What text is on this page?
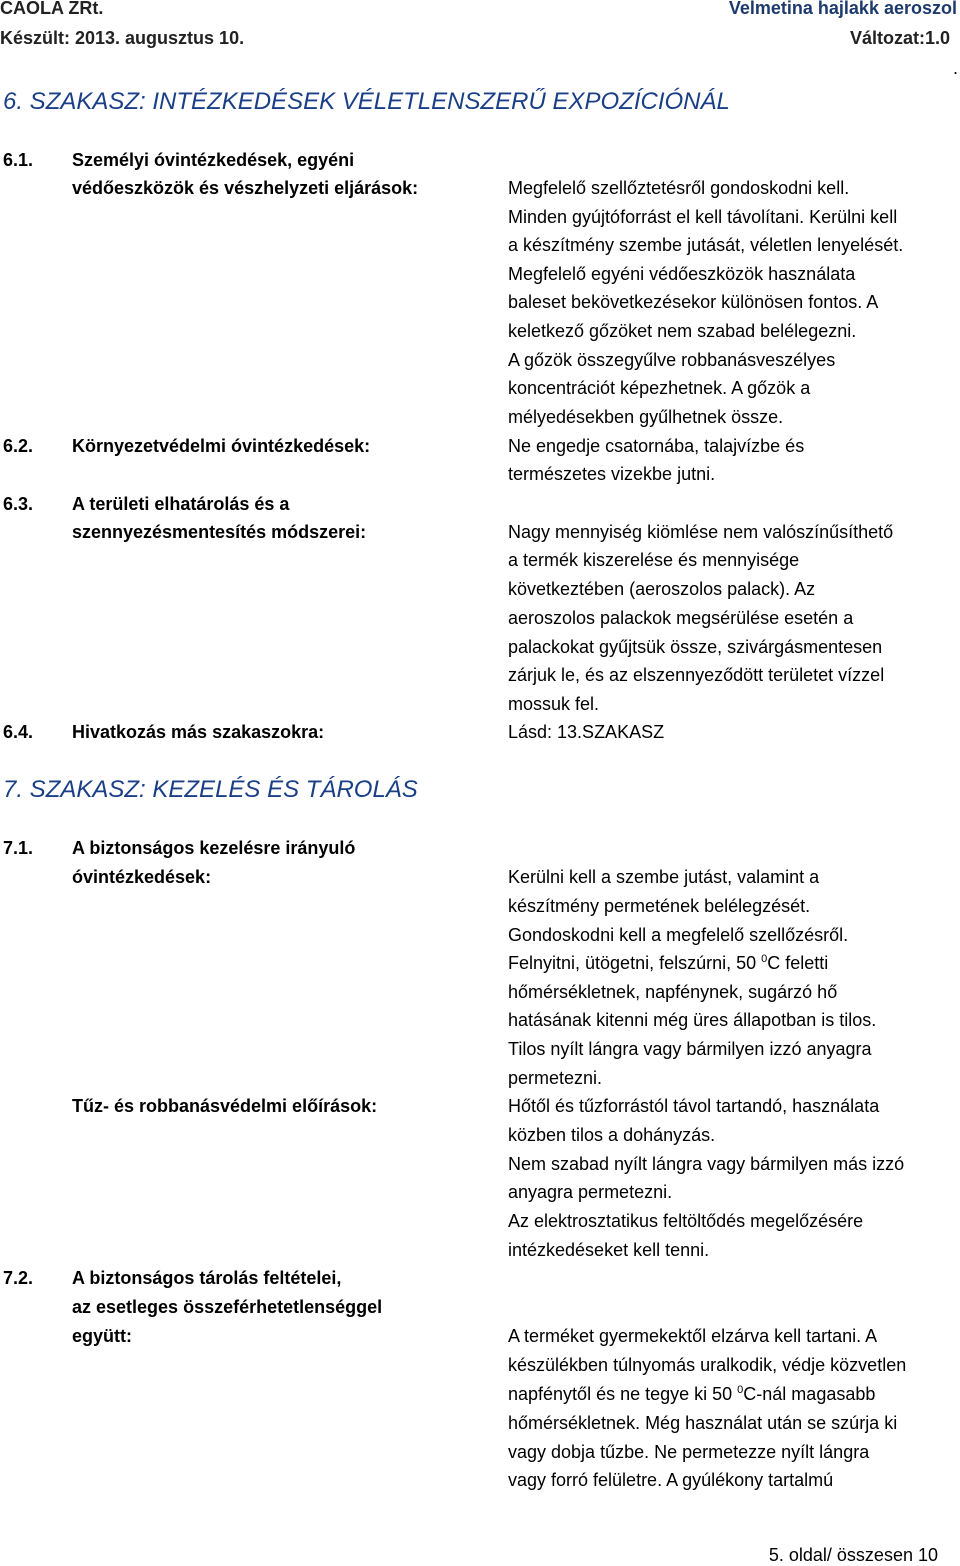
CAOLA ZRt.	Velmetina hajlakk aeroszol
Készült: 2013. augusztus 10.	Változat:1.0
.
6. SZAKASZ: INTÉZKEDÉSEK VÉLETLENSZERŰ EXPOZÍCIÓNÁL
6.1. Személyi óvintézkedések, egyéni
védőeszközök és vészhelyzeti eljárások:	Megfelelő szellőztetésről gondoskodni kell.
Minden gyújtóforrást el kell távolítani. Kerülni kell
a készítmény szembe jutását, véletlen lenyelését.
Megfelelő egyéni védőeszközök használata
baleset bekövetkezésekor különösen fontos. A
keletkező gőzöket nem szabad belélegezni.
A gőzök összegyűlve robbanásveszélyes
koncentrációt képezhetnek. A gőzök a
mélyedésekben gyűlhetnek össze.
6.2. Környezetvédelmi óvintézkedések:	Ne engedje csatornába, talajvízbe és
természetes vizekbe jutni.
6.3. A területi elhatárolás és a
szennyezésmentesítés módszerei:	Nagy mennyiség kiömlése nem valószínűsíthető
a termék kiszerelése és mennyisége
következtében (aeroszolos palack). Az
aeroszolos palackok megsérülése esetén a
palackokat gyűjtsük össze, szivárgásmentesen
zárjuk le, és az elszennyeződött területet vízzel
mossuk fel.
6.4. Hivatkozás más szakaszokra:	Lásd: 13.SZAKASZ
7. SZAKASZ: KEZELÉS ÉS TÁROLÁS
7.1. A biztonságos kezelésre irányuló
óvintézkedések:	Kerülni kell a szembe jutást, valamint a
készítmény permetének belélegzését.
Gondoskodni kell a megfelelő szellőzésről.
Felnyitni, ütögetni, felszúrni, 50 $^0$C feletti
hőmérsékletnek, napfénynek, sugárzó hő
hatásának kitenni még üres állapotban is tilos.
Tilos nyílt lángra vagy bármilyen izzó anyagra
permetezni.
Tűz- és robbanásvédelmi előírások:	Hőtől és tűzforrástól távol tartandó, használata
közben tilos a dohányzás.
Nem szabad nyílt lángra vagy bármilyen más izzó
anyagra permetezni.
Az elektrosztatikus feltöltődés megelőzésére
intézkedéseket kell tenni.
7.2. A biztonságos tárolás feltételei,
az esetleges összeférhetetlenséggel
együtt:	A terméket gyermekektől elzárva kell tartani. A
készülékben túlnyomás uralkodik, védje közvetlen
napfénytől és ne tegye ki 50 $^0$C-nál magasabb
hőmérsékletnek. Még használat után se szúrja ki
vagy dobja tűzbe. Ne permetezze nyílt lángra
vagy forró felületre. A gyúlékony tartalmú
5. oldal/ összesen 10
